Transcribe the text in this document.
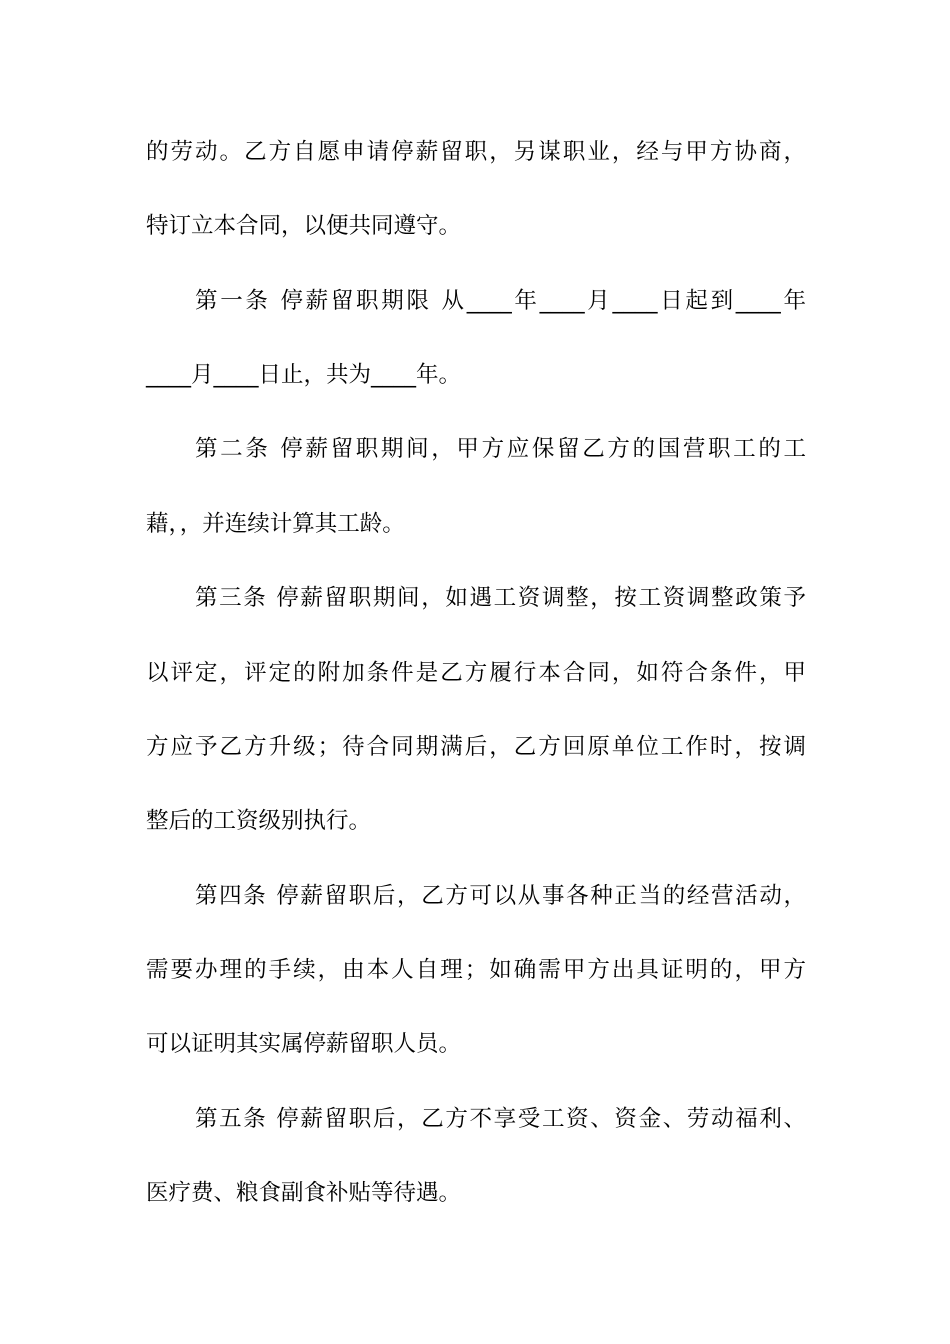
的劳动。乙方自愿申请停薪留职，另谋职业，经与甲方协商，

特订立本合同，以便共同遵守。

第一条 停薪留职期限 从____年____月____日起到____年

____月____日止，共为____年。

第二条 停薪留职期间，甲方应保留乙方的国营职工的工

藉，，并连续计算其工龄。

第三条 停薪留职期间，如遇工资调整，按工资调整政策予

以评定，评定的附加条件是乙方履行本合同，如符合条件，甲

方应予乙方升级；待合同期满后，乙方回原单位工作时，按调

整后的工资级别执行。

第四条 停薪留职后，乙方可以从事各种正当的经营活动，

需要办理的手续，由本人自理；如确需甲方出具证明的，甲方

可以证明其实属停薪留职人员。

第五条 停薪留职后，乙方不享受工资、资金、劳动福利、

医疗费、粮食副食补贴等待遇。
